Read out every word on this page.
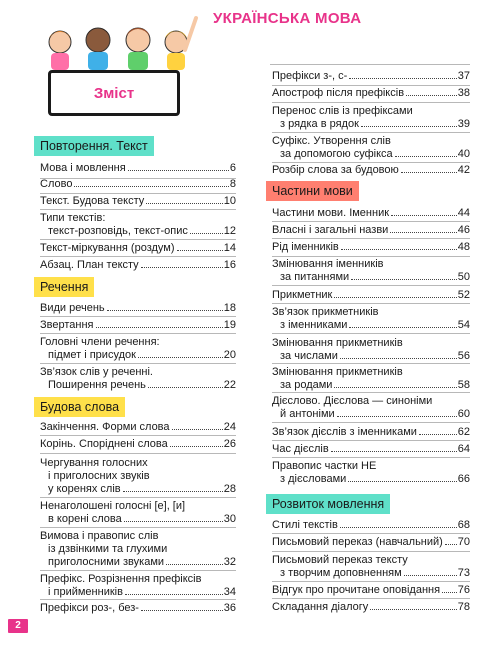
УКРАЇНСЬКА МОВА
Зміст
Повторення. Текст
Мова і мовлення	6
Слово	8
Текст. Будова тексту	10
Типи текстів:
текст-розповідь, текст-опис	12
Текст-міркування (роздум)	14
Абзац. План тексту	16
Речення
Види речень	18
Звертання	19
Головні члени речення:
підмет і присудок	20
Зв’язок слів у реченні.
Поширення речень	22
Будова слова
Закінчення. Форми слова	24
Корінь. Споріднені слова	26
Чергування голосних
і приголосних звуків
у коренях слів	28
Ненаголошені голосні [е], [и]
в корені слова	30
Вимова і правопис слів
із дзвінкими та глухими
приголосними звуками	32
Префікс. Розрізнення префіксів
і прийменників	34
Префікси роз-, без-	36
Префікси з-, с-	37
Апостроф після префіксів	38
Перенос слів із префіксами
з рядка в рядок	39
Суфікс. Утворення слів
за допомогою суфікса	40
Розбір слова за будовою	42
Частини мови
Частини мови. Іменник	44
Власні і загальні назви	46
Рід іменників	48
Змінювання іменників
за питаннями	50
Прикметник	52
Зв’язок прикметників
з іменниками	54
Змінювання прикметників
за числами	56
Змінювання прикметників
за родами	58
Дієслово. Дієслова — синоніми
й антоніми	60
Зв’язок дієслів з іменниками	62
Час дієслів	64
Правопис частки НЕ
з дієсловами	66
Розвиток мовлення
Стилі текстів	68
Письмовий переказ (навчальний) 70
Письмовий переказ тексту
з творчим доповненням	73
Відгук про прочитане оповідання 76
Складання діалогу	78
2
